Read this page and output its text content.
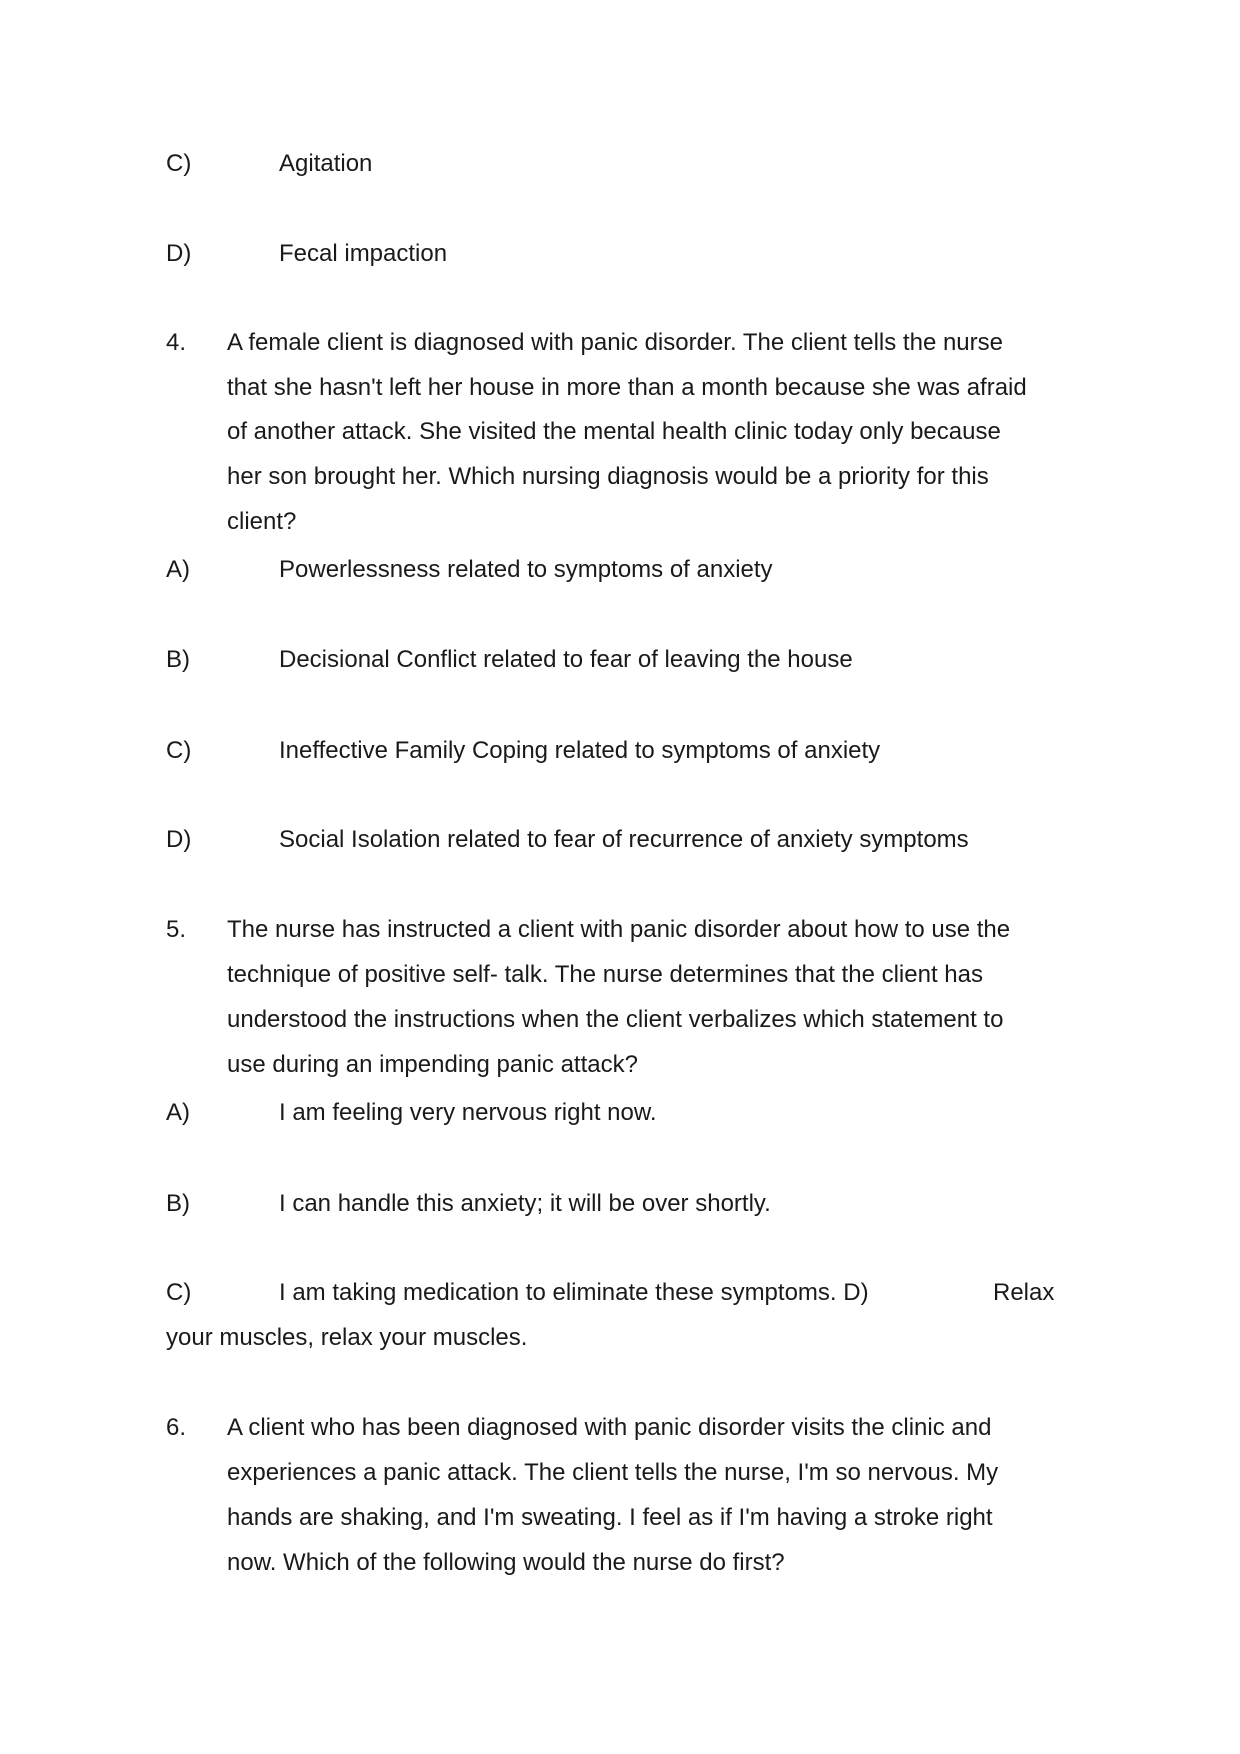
C)	Agitation
D)	Fecal impaction
4. A female client is diagnosed with panic disorder. The client tells the nurse
that she hasn't left her house in more than a month because she was afraid
of another attack. She visited the mental health clinic today only because
her son brought her. Which nursing diagnosis would be a priority for this
client?
A)	Powerlessness related to symptoms of anxiety
B)	Decisional Conflict related to fear of leaving the house
C)	Ineffective Family Coping related to symptoms of anxiety
D)	Social Isolation related to fear of recurrence of anxiety symptoms
5. The nurse has instructed a client with panic disorder about how to use the
technique of positive self- talk. The nurse determines that the client has
understood the instructions when the client verbalizes which statement to
use during an impending panic attack?
A)	I am feeling very nervous right now.
B)	I can handle this anxiety; it will be over shortly.
C)	I am taking medication to eliminate these symptoms. D)	Relax
your muscles, relax your muscles.
6. A client who has been diagnosed with panic disorder visits the clinic and
experiences a panic attack. The client tells the nurse, I'm so nervous. My
hands are shaking, and I'm sweating. I feel as if I'm having a stroke right
now. Which of the following would the nurse do first?
